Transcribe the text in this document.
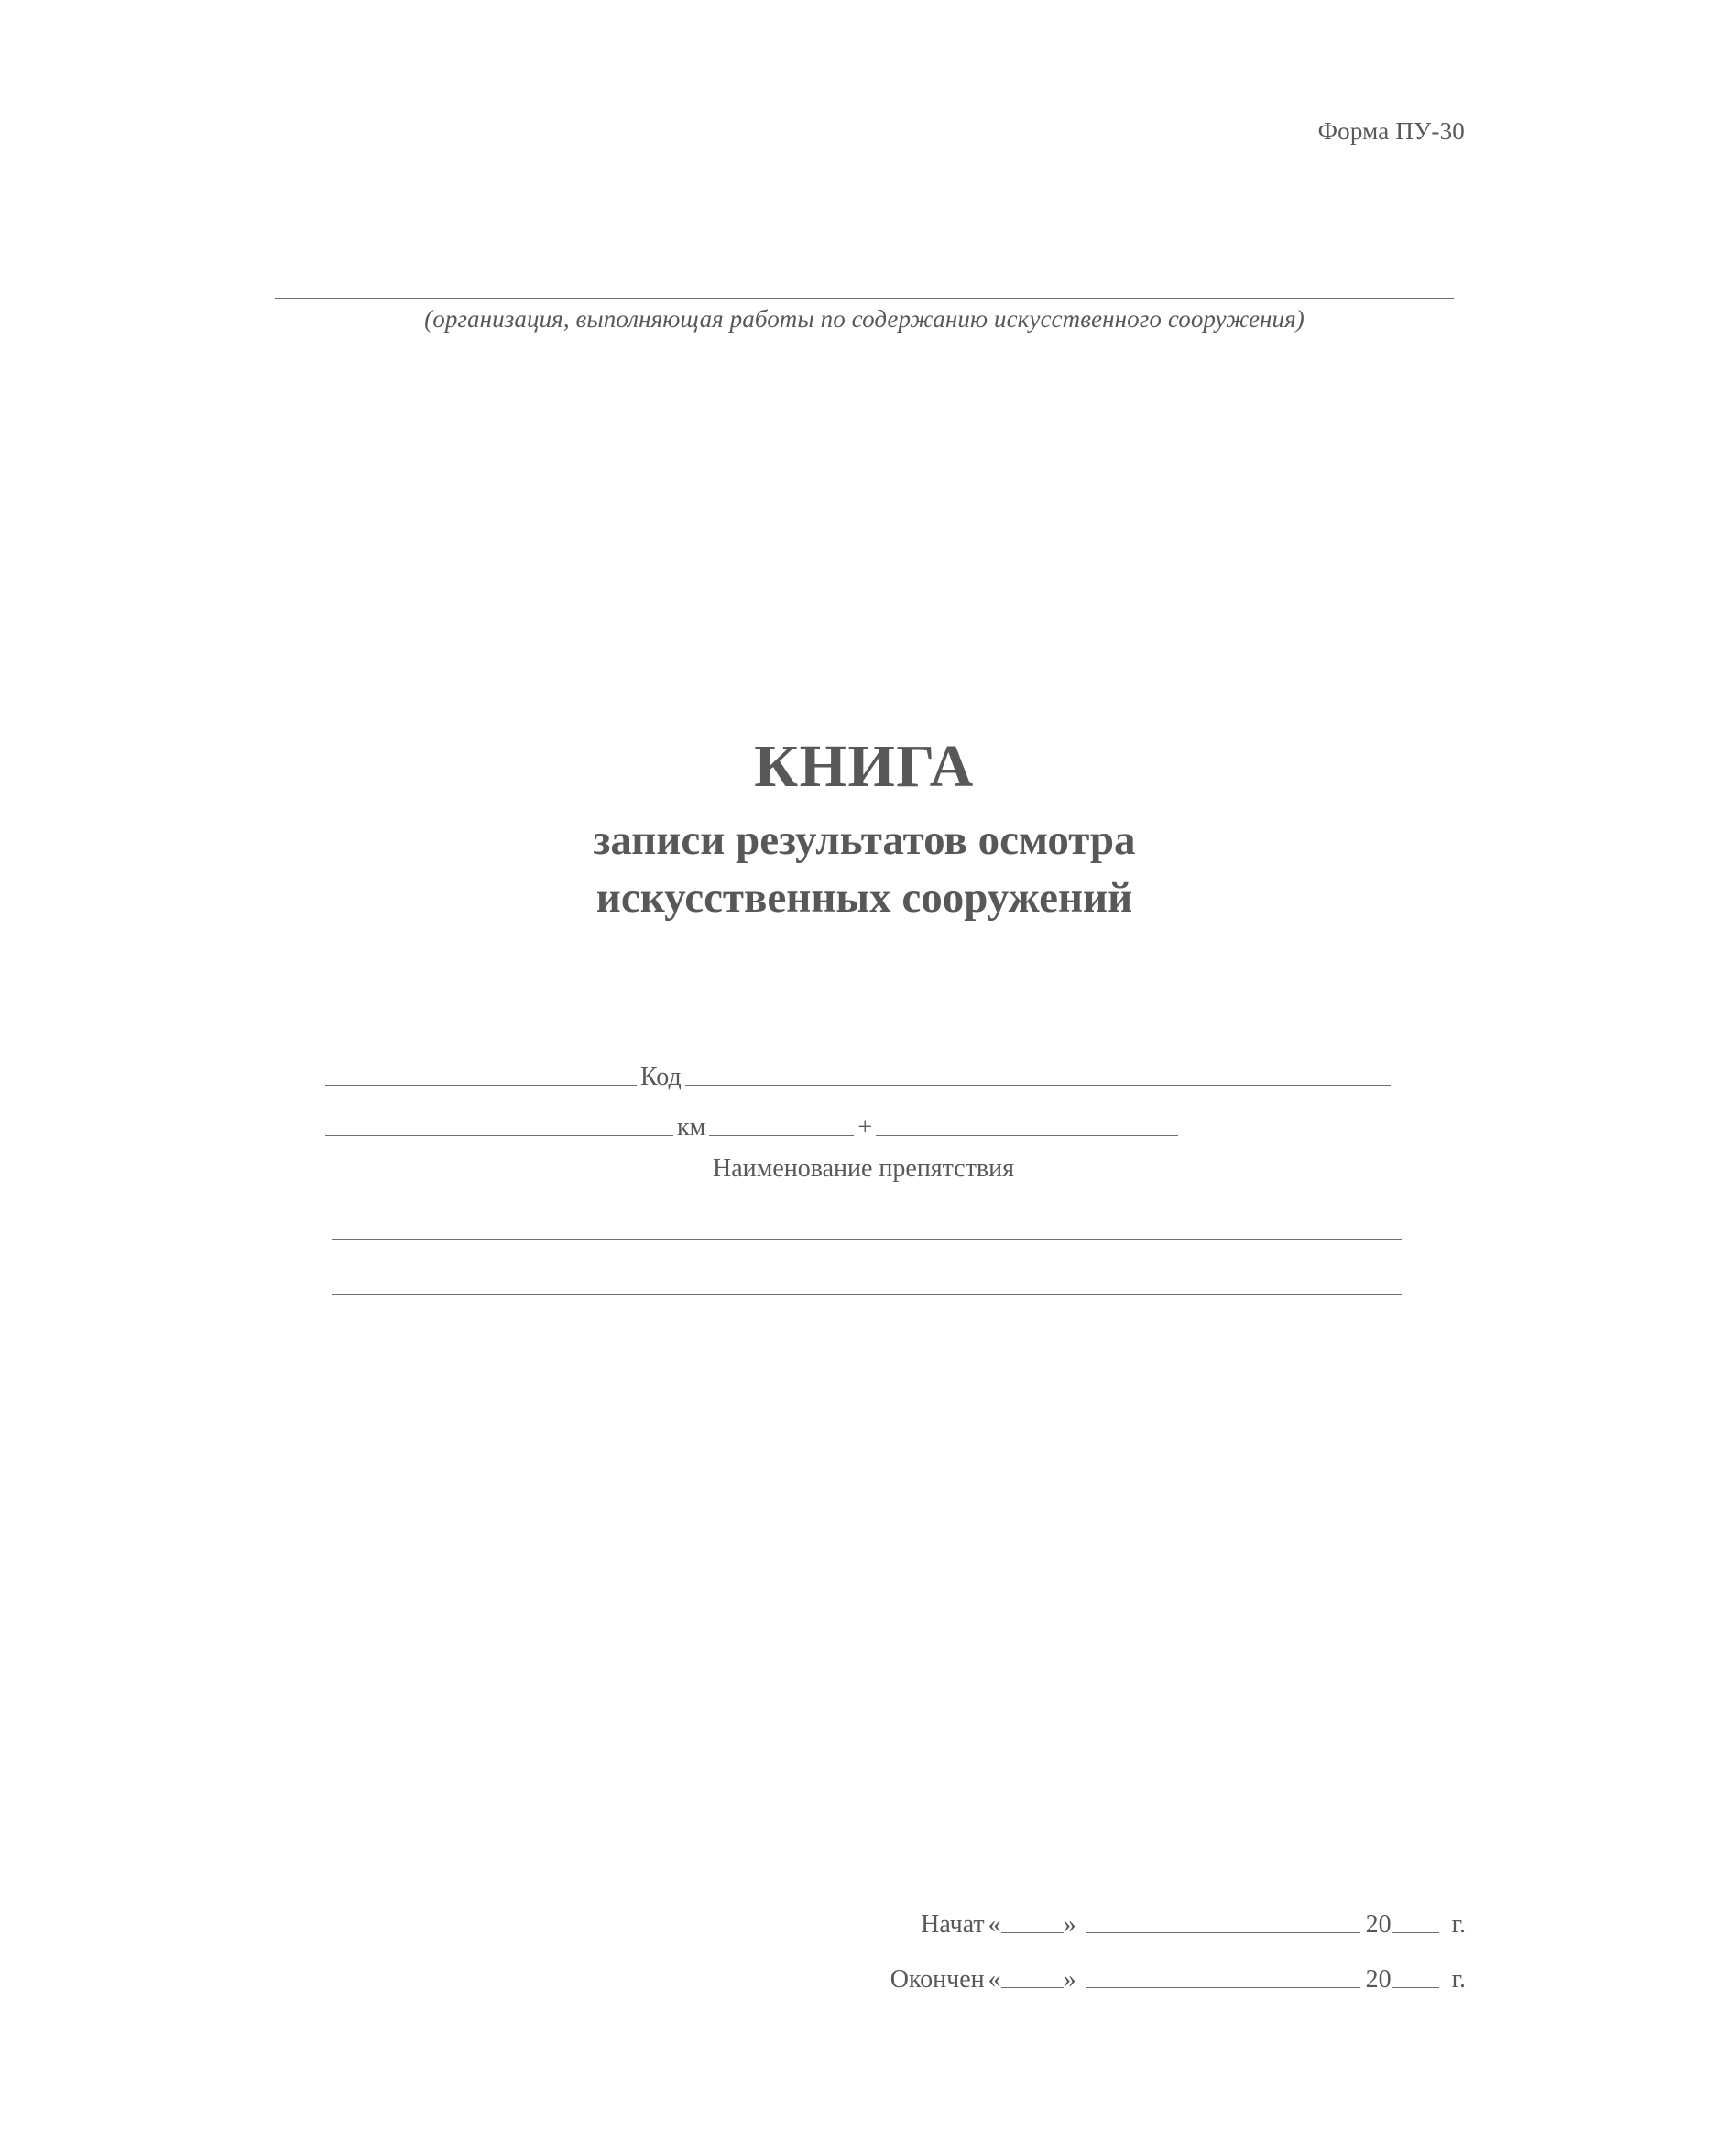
Форма ПУ-30
(организация, выполняющая работы по содержанию искусственного сооружения)
КНИГА
записи результатов осмотра
искусственных сооружений
Код
км	+
Наименование препятствия
Начат « »	20	г.
Окончен « »	20	г.
